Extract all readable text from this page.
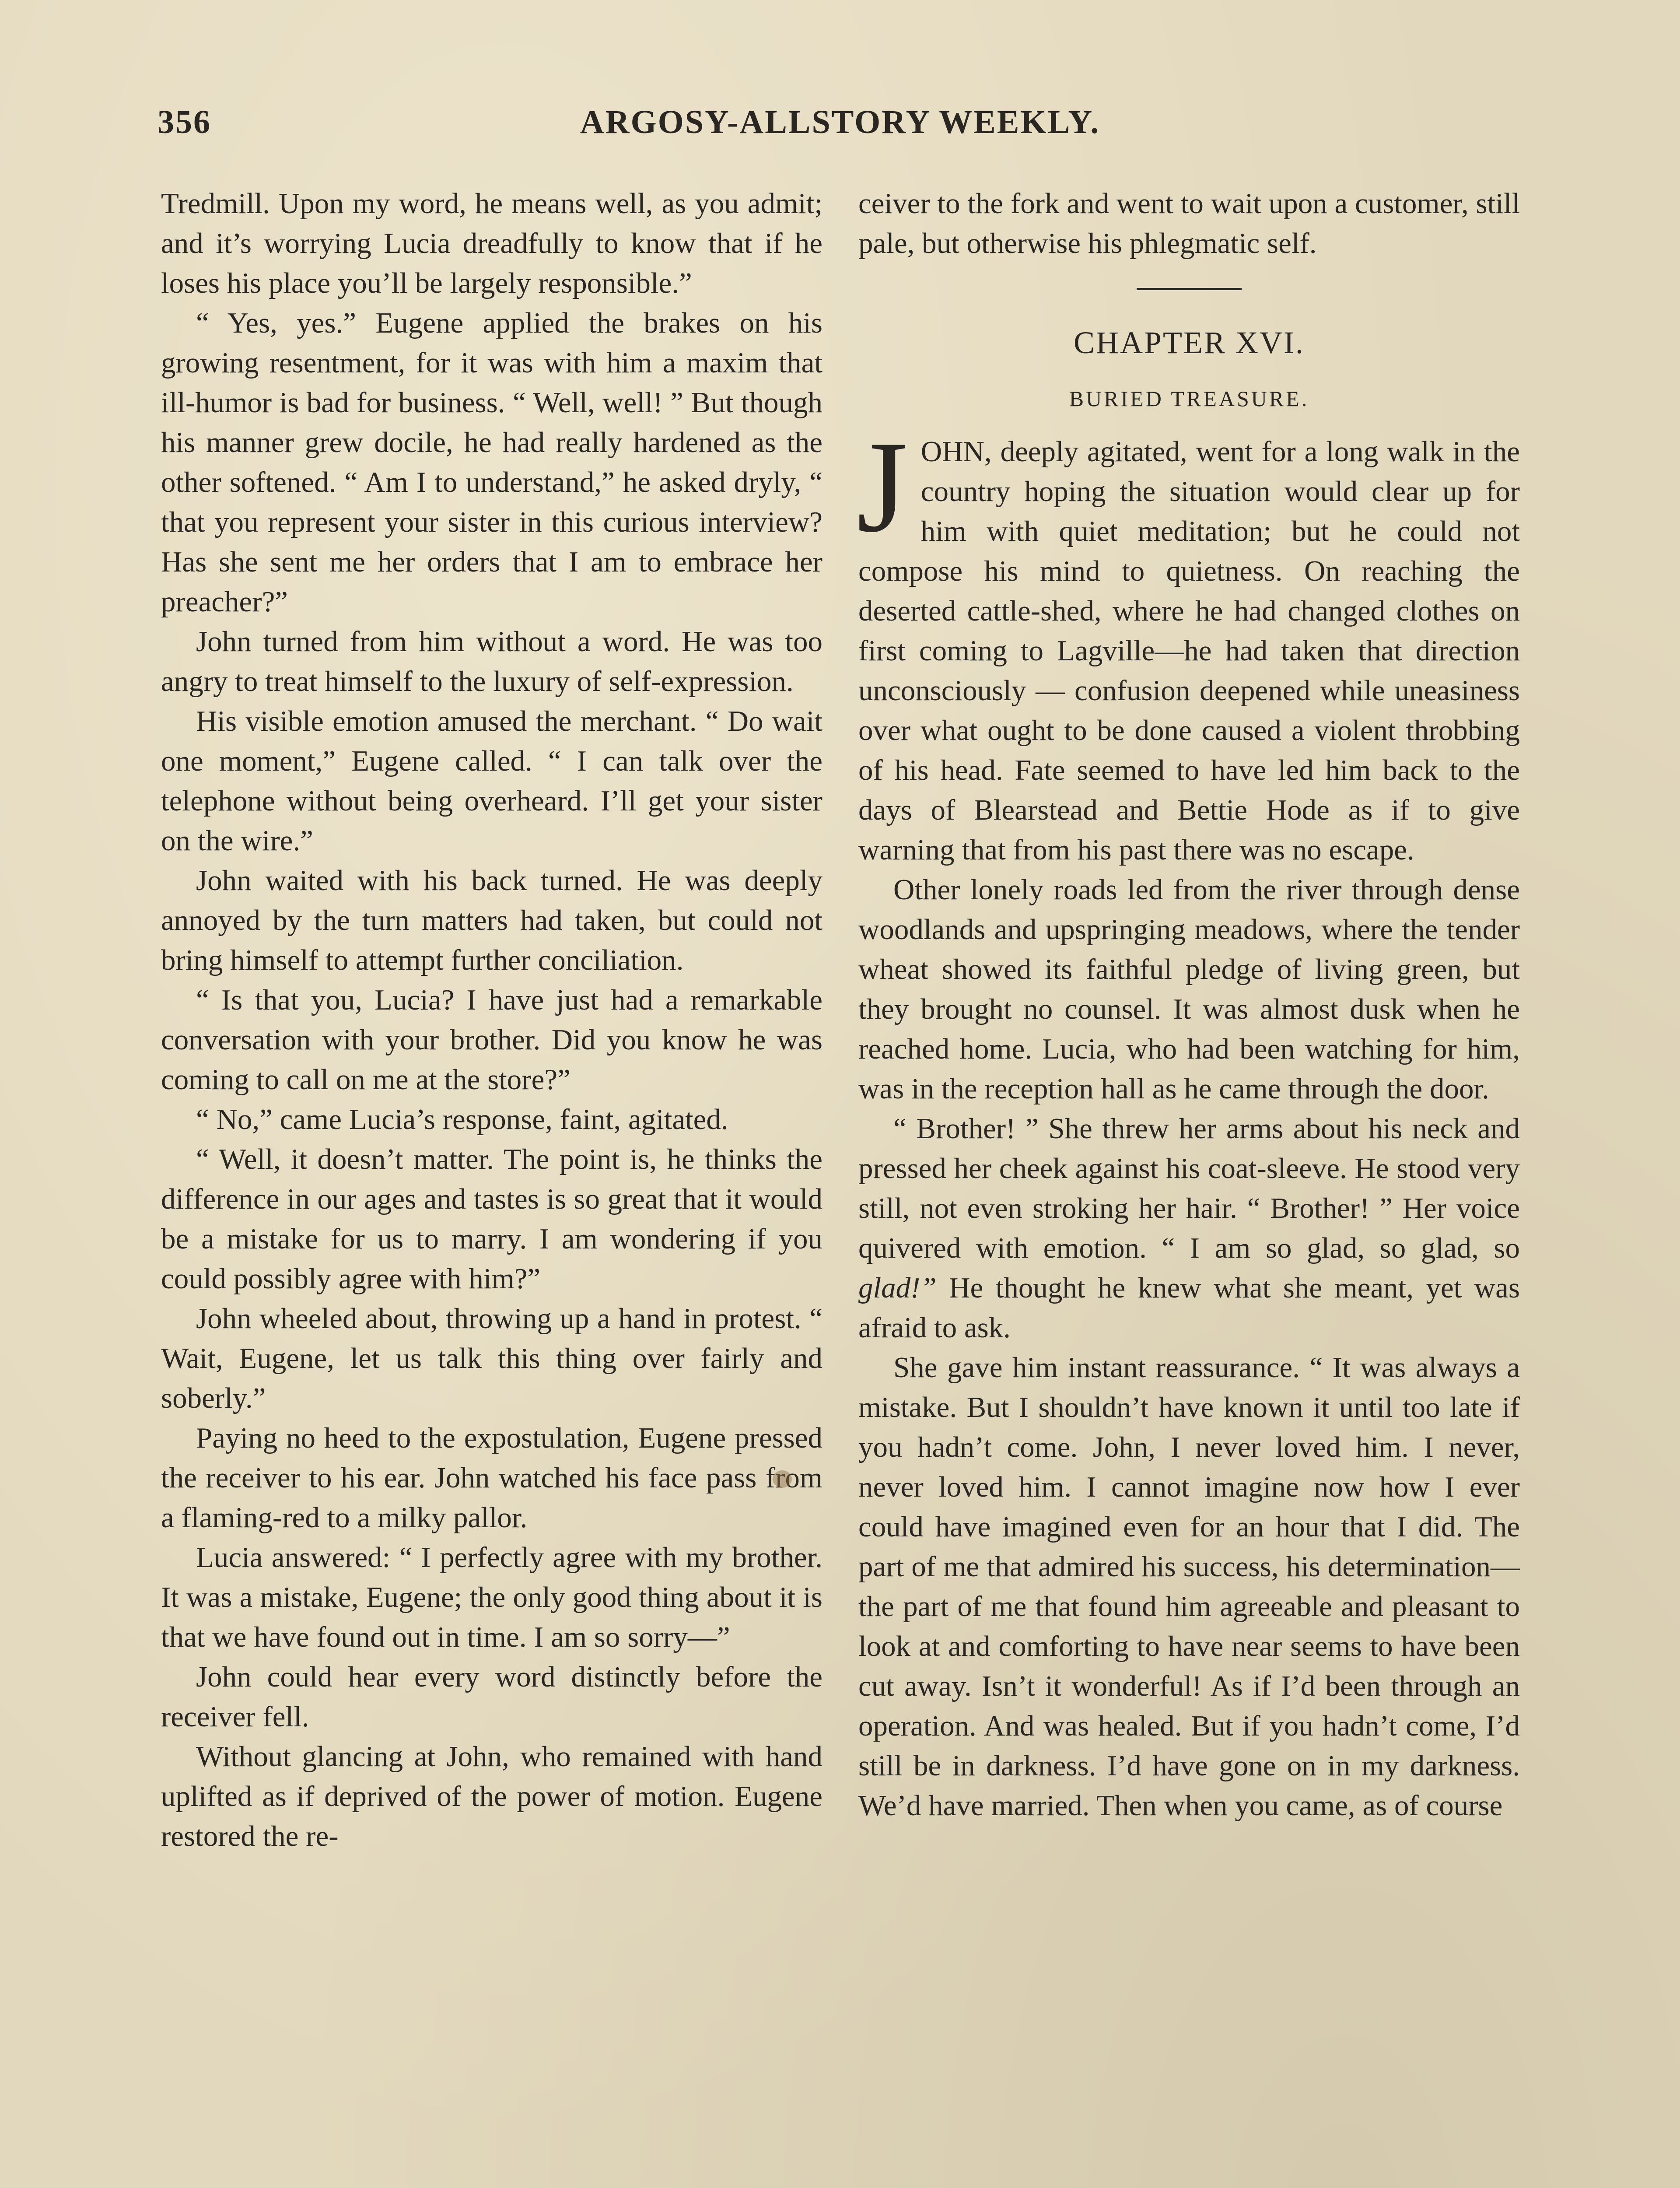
356	ARGOSY-ALLSTORY WEEKLY.

Tredmill. Upon my word, he means well, as you admit; and it’s worrying Lucia dreadfully to know that if he loses his place you’ll be largely responsible.”

“ Yes, yes.” Eugene applied the brakes on his growing resentment, for it was with him a maxim that ill-humor is bad for business. “ Well, well! ” But though his manner grew docile, he had really hardened as the other softened. “ Am I to understand,” he asked dryly, “ that you represent your sister in this curious interview? Has she sent me her orders that I am to embrace her preacher?”

John turned from him without a word. He was too angry to treat himself to the luxury of self-expression.

His visible emotion amused the merchant. “ Do wait one moment,” Eugene called. “ I can talk over the telephone without being overheard. I’ll get your sister on the wire.”

John waited with his back turned. He was deeply annoyed by the turn matters had taken, but could not bring himself to attempt further conciliation.

“ Is that you, Lucia? I have just had a remarkable conversation with your brother. Did you know he was coming to call on me at the store?”

“ No,” came Lucia’s response, faint, agitated.

“ Well, it doesn’t matter. The point is, he thinks the difference in our ages and tastes is so great that it would be a mistake for us to marry. I am wondering if you could possibly agree with him?”

John wheeled about, throwing up a hand in protest. “ Wait, Eugene, let us talk this thing over fairly and soberly.”

Paying no heed to the expostulation, Eugene pressed the receiver to his ear. John watched his face pass from a flaming-red to a milky pallor.

Lucia answered: “ I perfectly agree with my brother. It was a mistake, Eugene; the only good thing about it is that we have found out in time. I am so sorry—”

John could hear every word distinctly before the receiver fell.

Without glancing at John, who remained with hand uplifted as if deprived of the power of motion. Eugene restored the re-

ceiver to the fork and went to wait upon a customer, still pale, but otherwise his phlegmatic self.

CHAPTER XVI.
BURIED TREASURE.

JOHN, deeply agitated, went for a long walk in the country hoping the situation would clear up for him with quiet meditation; but he could not compose his mind to quietness. On reaching the deserted cattle-shed, where he had changed clothes on first coming to Lagville—he had taken that direction unconsciously — confusion deepened while uneasiness over what ought to be done caused a violent throbbing of his head. Fate seemed to have led him back to the days of Blearstead and Bettie Hode as if to give warning that from his past there was no escape.

Other lonely roads led from the river through dense woodlands and upspringing meadows, where the tender wheat showed its faithful pledge of living green, but they brought no counsel. It was almost dusk when he reached home. Lucia, who had been watching for him, was in the reception hall as he came through the door.

“ Brother! ” She threw her arms about his neck and pressed her cheek against his coat-sleeve. He stood very still, not even stroking her hair. “ Brother! ” Her voice quivered with emotion. “ I am so glad, so glad, so glad!” He thought he knew what she meant, yet was afraid to ask.

She gave him instant reassurance. “ It was always a mistake. But I shouldn’t have known it until too late if you hadn’t come. John, I never loved him. I never, never loved him. I cannot imagine now how I ever could have imagined even for an hour that I did. The part of me that admired his success, his determination—the part of me that found him agreeable and pleasant to look at and comforting to have near seems to have been cut away. Isn’t it wonderful! As if I’d been through an operation. And was healed. But if you hadn’t come, I’d still be in darkness. I’d have gone on in my darkness. We’d have married. Then when you came, as of course
